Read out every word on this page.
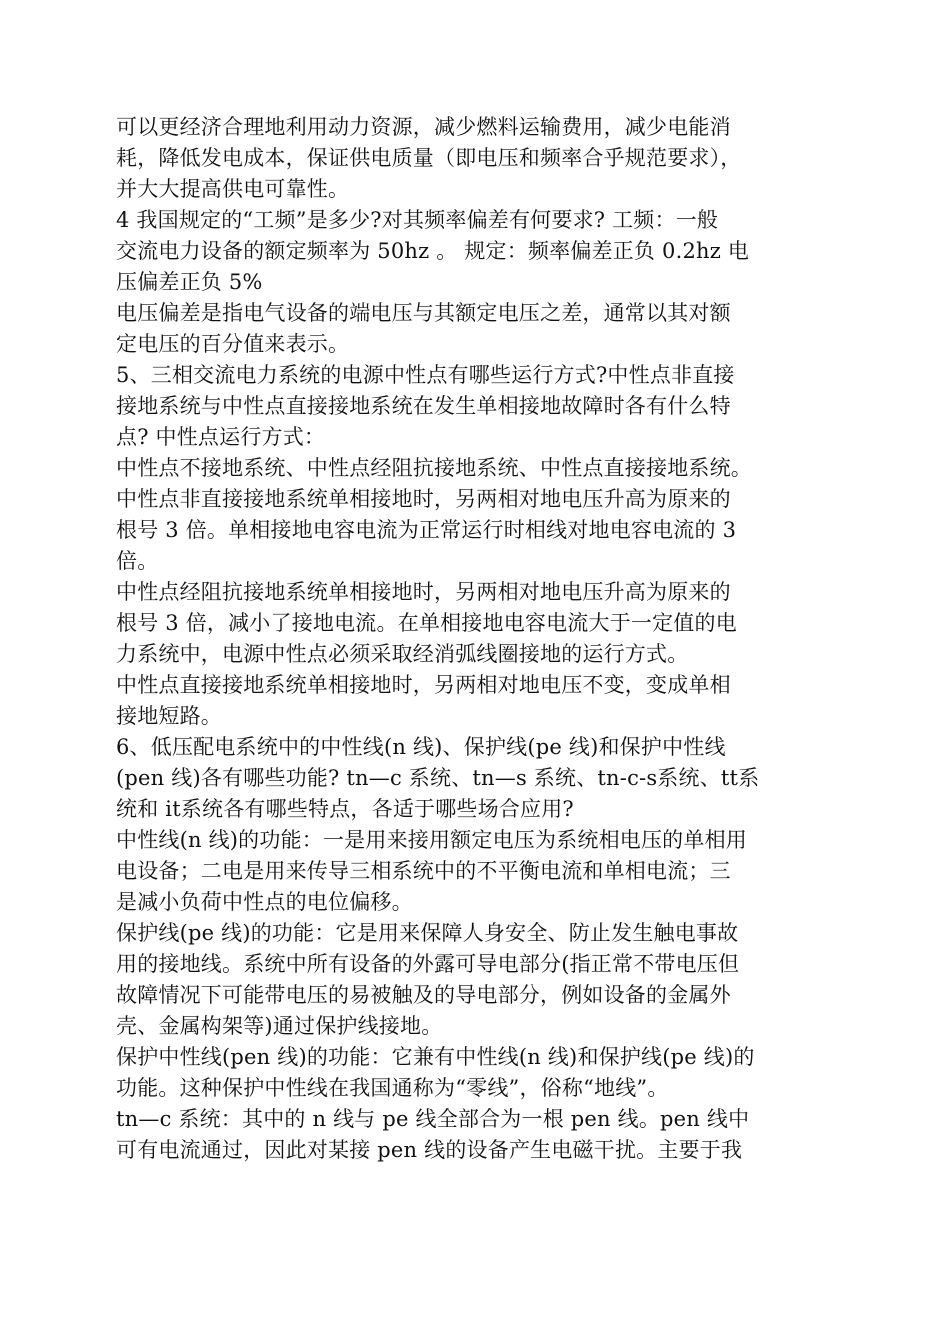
可以更经济合理地利用动力资源，减少燃料运输费用，减少电能消
耗，降低发电成本，保证供电质量（即电压和频率合乎规范要求），
并大大提高供电可靠性。
4 我国规定的“工频”是多少?对其频率偏差有何要求? 工频：一般
交流电力设备的额定频率为 50hz 。 规定：频率偏差正负 0.2hz 电
压偏差正负 5%
电压偏差是指电气设备的端电压与其额定电压之差，通常以其对额
定电压的百分值来表示。
5、三相交流电力系统的电源中性点有哪些运行方式?中性点非直接
接地系统与中性点直接接地系统在发生单相接地故障时各有什么特
点? 中性点运行方式：
中性点不接地系统、中性点经阻抗接地系统、中性点直接接地系统。
中性点非直接接地系统单相接地时，另两相对地电压升高为原来的
根号 3 倍。单相接地电容电流为正常运行时相线对地电容电流的 3
倍。
中性点经阻抗接地系统单相接地时，另两相对地电压升高为原来的
根号 3 倍，减小了接地电流。在单相接地电容电流大于一定值的电
力系统中，电源中性点必须采取经消弧线圈接地的运行方式。
中性点直接接地系统单相接地时，另两相对地电压不变，变成单相
接地短路。
6、低压配电系统中的中性线(n 线)、保护线(pe 线)和保护中性线
(pen 线)各有哪些功能? tn—c 系统、tn—s 系统、tn-c-s系统、tt系
统和 it系统各有哪些特点，各适于哪些场合应用?
中性线(n 线)的功能：一是用来接用额定电压为系统相电压的单相用
电设备；二电是用来传导三相系统中的不平衡电流和单相电流；三
是减小负荷中性点的电位偏移。
保护线(pe 线)的功能：它是用来保障人身安全、防止发生触电事故
用的接地线。系统中所有设备的外露可导电部分(指正常不带电压但
故障情况下可能带电压的易被触及的导电部分，例如设备的金属外
壳、金属构架等)通过保护线接地。
保护中性线(pen 线)的功能：它兼有中性线(n 线)和保护线(pe 线)的
功能。这种保护中性线在我国通称为“零线”，俗称“地线”。
tn—c 系统：其中的 n 线与 pe 线全部合为一根 pen 线。pen 线中
可有电流通过，因此对某接 pen 线的设备产生电磁干扰。主要于我
